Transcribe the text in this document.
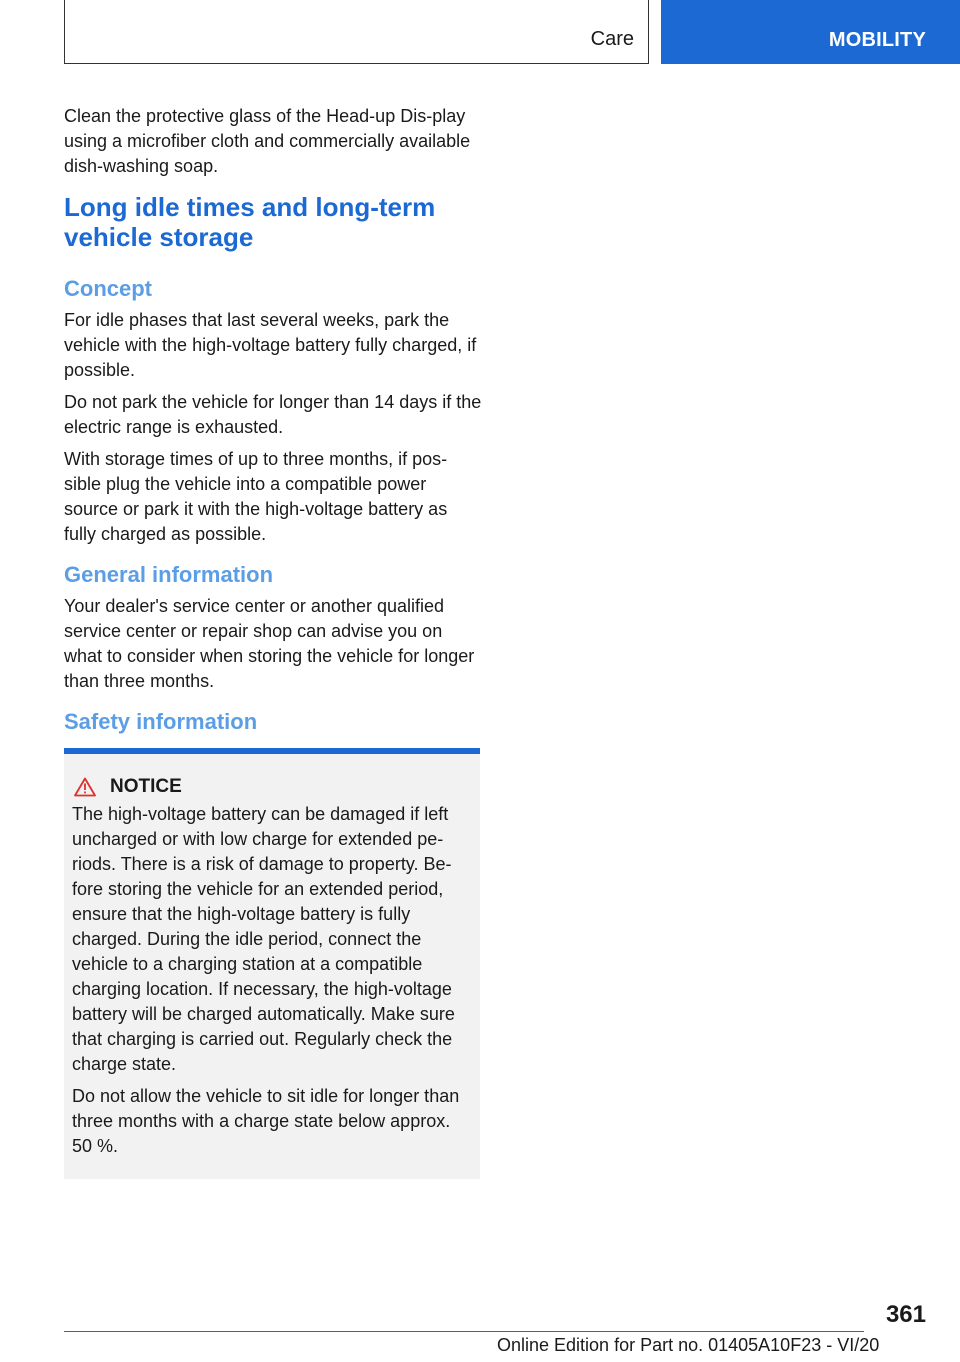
Care	MOBILITY

Clean the protective glass of the Head-up Dis-play using a microfiber cloth and commercially available dish-washing soap.

Long idle times and long-term vehicle storage
Concept

For idle phases that last several weeks, park the vehicle with the high-voltage battery fully charged, if possible.

Do not park the vehicle for longer than 14 days if the electric range is exhausted.

With storage times of up to three months, if pos-sible plug the vehicle into a compatible power source or park it with the high-voltage battery as fully charged as possible.

General information

Your dealer's service center or another qualified service center or repair shop can advise you on what to consider when storing the vehicle for longer than three months.

Safety information
NOTICE

The high-voltage battery can be damaged if left uncharged or with low charge for extended pe-riods. There is a risk of damage to property. Be-fore storing the vehicle for an extended period, ensure that the high-voltage battery is fully charged. During the idle period, connect the vehicle to a charging station at a compatible charging location. If necessary, the high-voltage battery will be charged automatically. Make sure that charging is carried out. Regularly check the charge state.

Do not allow the vehicle to sit idle for longer than three months with a charge state below approx. 50 %.

361
Online Edition for Part no. 01405A10F23 - VI/20
